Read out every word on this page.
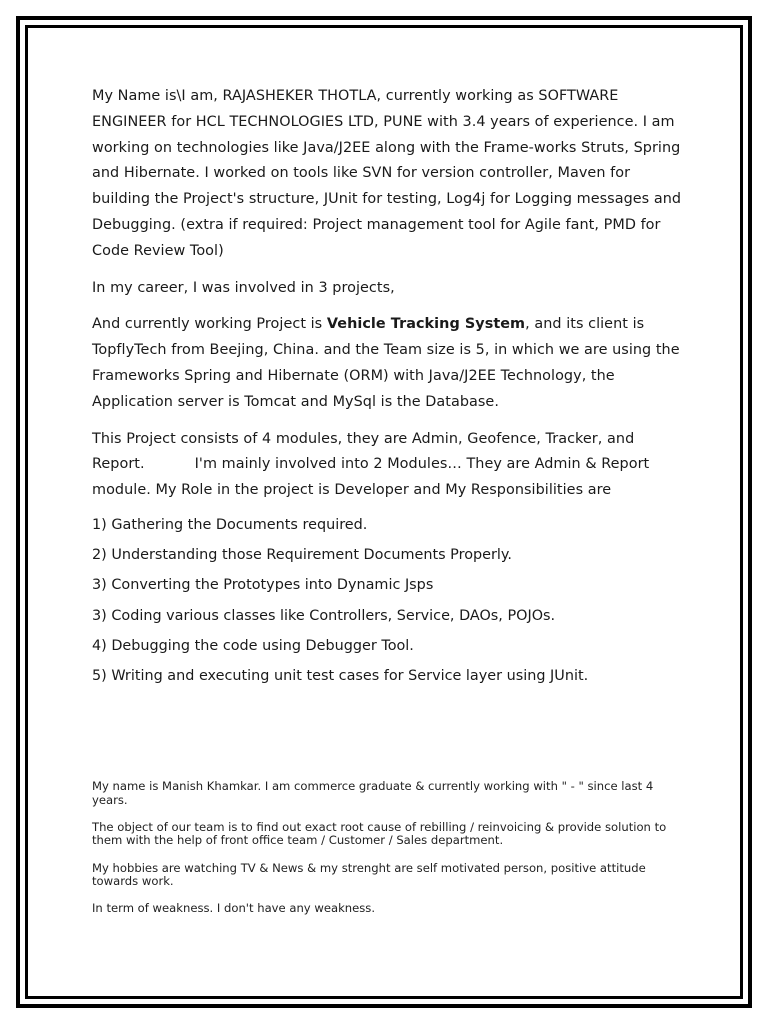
My Name is\I am, RAJASHEKER THOTLA, currently working as SOFTWARE ENGINEER for HCL TECHNOLOGIES LTD, PUNE with 3.4 years of experience. I am working on technologies like Java/J2EE along with the Frame-works Struts, Spring and Hibernate. I worked on tools like SVN for version controller, Maven for building the Project's structure, JUnit for testing, Log4j for Logging messages and Debugging. (extra if required: Project management tool for Agile fant, PMD for Code Review Tool)

In my career, I was involved in 3 projects,

And currently working Project is Vehicle Tracking System, and its client is TopflyTech from Beejing, China. and the Team size is 5, in which we are using the Frameworks Spring and Hibernate (ORM) with Java/J2EE Technology, the Application server is Tomcat and MySql is the Database.

This Project consists of 4 modules, they are Admin, Geofence, Tracker, and Report.	I'm mainly involved into 2 Modules… They are Admin & Report module. My Role in the project is Developer and My Responsibilities are

1) Gathering the Documents required.

2) Understanding those Requirement Documents Properly.

3) Converting the Prototypes into Dynamic Jsps

3) Coding various classes like Controllers, Service, DAOs, POJOs.

4) Debugging the code using Debugger Tool.

5) Writing and executing unit test cases for Service layer using JUnit.

My name is Manish Khamkar. I am commerce graduate & currently working with " - " since last 4 years.

The object of our team is to find out exact root cause of rebilling / reinvoicing & provide solution to them with the help of front office team / Customer / Sales department.

My hobbies are watching TV & News & my strenght are self motivated person, positive attitude towards work.

In term of weakness. I don't have any weakness.
